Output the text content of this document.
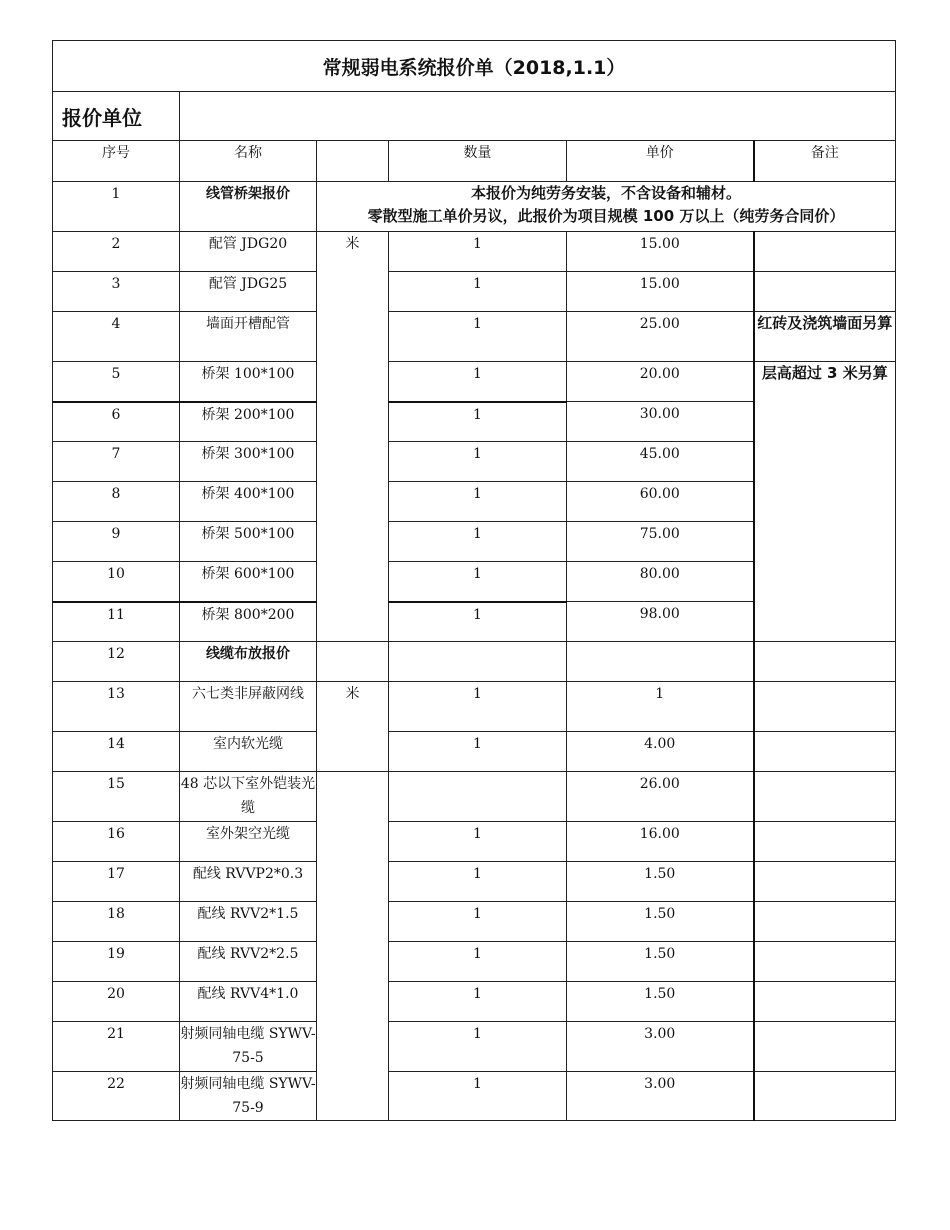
常规弱电系统报价单（2018,1.1）					
报价单位					
序号	名称		数量	单价	备注
1	线管桥架报价	本报价为纯劳务安装，不含设备和辅材。
零散型施工单价另议，此报价为项目规模 100 万以上（纯劳务合同价）			

2	配管 JDG20	米	1	15.00	
3	配管 JDG25		1	15.00	
4	墙面开槽配管		1	25.00	红砖及浇筑墙面另算
5	桥架 100*100		1	20.00	层高超过 3 米另算
6	桥架 200*100		1	30.00	
7	桥架 300*100		1	45.00	
8	桥架 400*100		1	60.00	
9	桥架 500*100		1	75.00	
10	桥架 600*100		1	80.00	
11	桥架 800*200		1	98.00	
12	线缆布放报价				
13	六七类非屏蔽网线	米	1	1	
14	室内软光缆		1	4.00	
15	48 芯以下室外铠装光缆			26.00	
16	室外架空光缆		1	16.00	
17	配线 RVVP2*0.3		1	1.50	
18	配线 RVV2*1.5		1	1.50	
19	配线 RVV2*2.5		1	1.50	
20	配线 RVV4*1.0		1	1.50	
21	射频同轴电缆 SYWV-75-5		1	3.00	
22	射频同轴电缆 SYWV-75-9		1	3.00	
